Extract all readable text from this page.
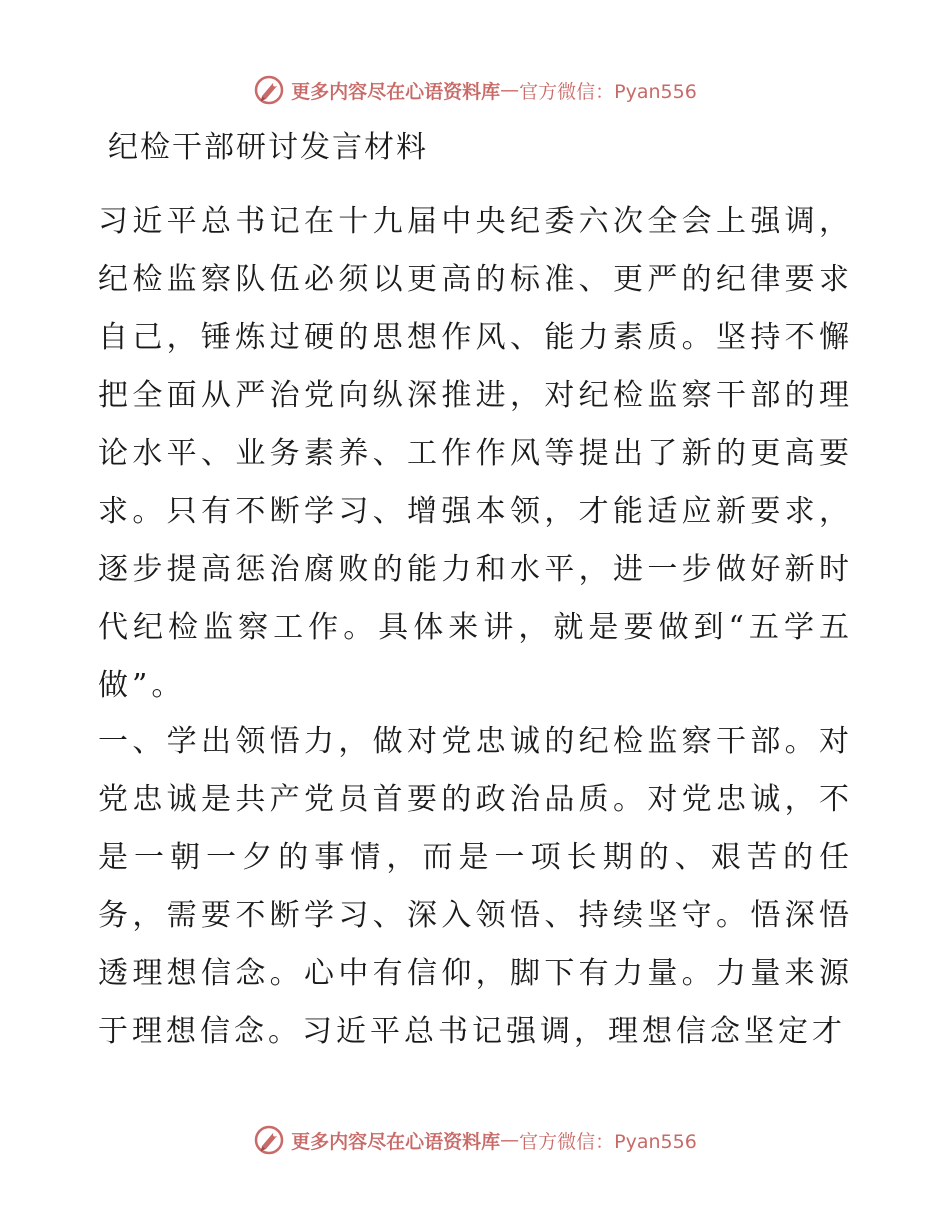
更多内容尽在心语资料库 — 官方微信：Pyan556
纪检干部研讨发言材料

习近平总书记在十九届中央纪委六次全会上强调，纪检监察队伍必须以更高的标准、更严的纪律要求自己，锤炼过硬的思想作风、能力素质。坚持不懈把全面从严治党向纵深推进，对纪检监察干部的理论水平、业务素养、工作作风等提出了新的更高要求。只有不断学习、增强本领，才能适应新要求，逐步提高惩治腐败的能力和水平，进一步做好新时代纪检监察工作。具体来讲，就是要做到“五学五做”。

一、学出领悟力，做对党忠诚的纪检监察干部。对党忠诚是共产党员首要的政治品质。对党忠诚，不是一朝一夕的事情，而是一项长期的、艰苦的任务，需要不断学习、深入领悟、持续坚守。悟深悟透理想信念。心中有信仰，脚下有力量。力量来源于理想信念。习近平总书记强调，理想信念坚定才

更多内容尽在心语资料库 — 官方微信：Pyan556
